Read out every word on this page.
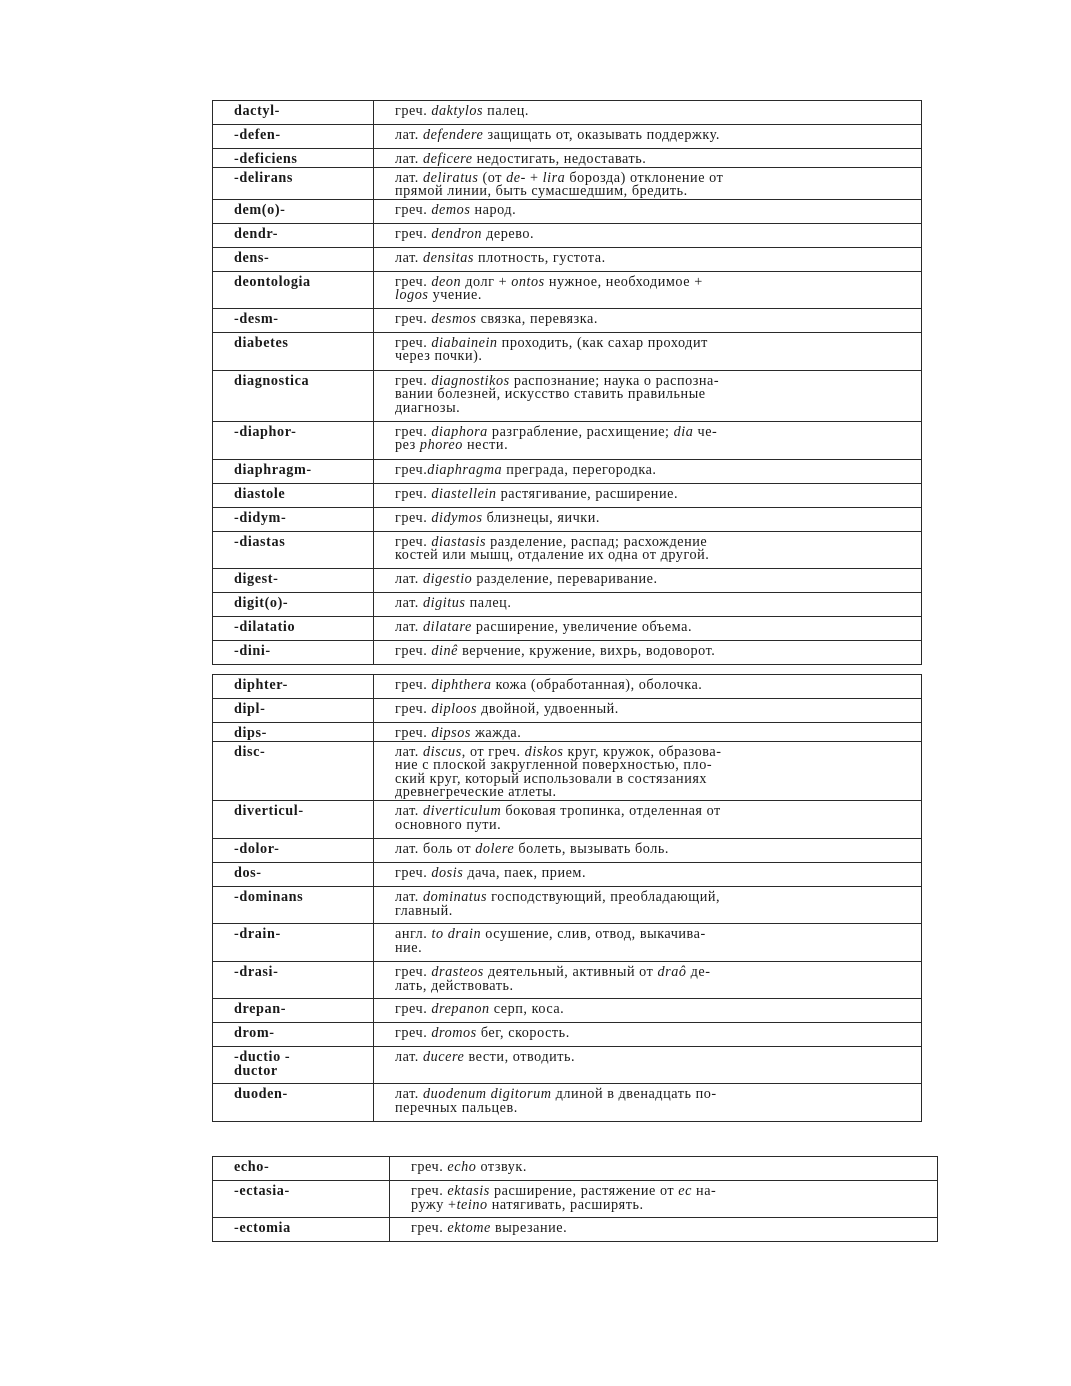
dactyl-	греч. daktylos палец.
-defen-	лат. defendere защищать от, оказывать поддержку.
-deficiens	лат. deficere недостигать, недоставать.
-delirans	лат. deliratus (от de- + lira борозда) отклонение от
прямой линии, быть сумасшедшим, бредить.
dem(o)-	греч. demos народ.
dendr-	греч. dendron дерево.
dens-	лат. densitas плотность, густота.
deontologia	греч. deon долг + ontos нужное, необходимое +
logos учение.
-desm-	греч. desmos связка, перевязка.
diabetes	греч. diabainein проходить, (как сахар проходит
через почки).
diagnostica	греч. diagnostikos распознание; наука о распозна-
вании болезней, искусство ставить правильные
диагнозы.
-diaphor-	греч. diaphora разграбление, расхищение; dia че-
рез phoreo нести.
diaphragm-	греч.diaphragma преграда, перегородка.
diastole	греч. diastellein растягивание, расширение.
-didym-	греч. didymos близнецы, яички.
-diastas	греч. diastasis разделение, распад; расхождение
костей или мышц, отдаление их одна от другой.
digest-	лат. digestio разделение, переваривание.
digit(o)-	лат. digitus палец.
-dilatatio	лат. dilatare расширение, увеличение объема.
-dini-	греч. dinê верчение, кружение, вихрь, водоворот.
diphter-	греч. diphthera кожа (обработанная), оболочка.
dipl-	греч. diploos двойной, удвоенный.
dips-	греч. dipsos жажда.
disc-	лат. discus, от греч. diskos круг, кружок, образова-
ние с плоской закругленной поверхностью, пло-
ский круг, который использовали в состязаниях
древнегреческие атлеты.
diverticul-	лат. diverticulum боковая тропинка, отделенная от
основного пути.
-dolor-	лат. боль от dolere болеть, вызывать боль.
dos-	греч. dosis дача, паек, прием.
-dominans	лат. dominatus господствующий, преобладающий,
главный.
-drain-	англ. to drain осушение, слив, отвод, выкачива-
ние.
-drasi-	греч. drasteos деятельный, активный от draô де-
лать, действовать.
drepan-	греч. drepanon серп, коса.
drom-	греч. dromos бег, скорость.
-ductio -
ductor	лат. ducere вести, отводить.
duoden-	лат. duodenum digitorum длиной в двенадцать по-
перечных пальцев.
echo-	греч. echo отзвук.
-ectasia-	греч. ektasis расширение, растяжение от ec на-
ружу +teino натягивать, расширять.
-ectomia	греч. ektome вырезание.
